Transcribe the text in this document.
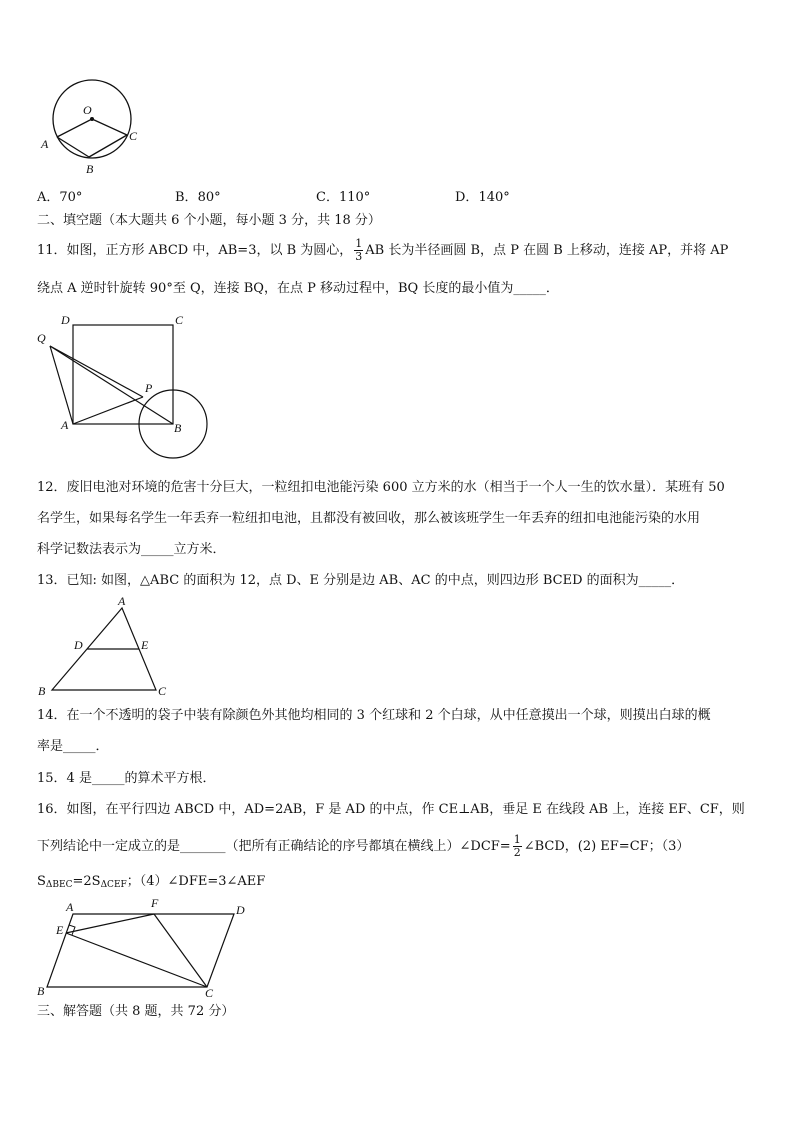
O
A
B
C
A．70°	B．80°	C．110°	D．140°
二、填空题（本大题共 6 个小题，每小题 3 分，共 18 分）
11．如图，正方形 ABCD 中，AB=3，以 B 为圆心， $\frac{1}{3}$ AB 长为半径画圆 B，点 P 在圆 B 上移动，连接 AP，并将 AP
绕点 A 逆时针旋转 90°至 Q，连接 BQ，在点 P 移动过程中，BQ 长度的最小值为_____．
D	C
Q
P
A	B
12．废旧电池对环境的危害十分巨大，一粒纽扣电池能污染 600 立方米的水（相当于一个人一生的饮水量）．某班有 50
名学生，如果每名学生一年丢弃一粒纽扣电池，且都没有被回收，那么被该班学生一年丢弃的纽扣电池能污染的水用
科学记数法表示为_____立方米．
13．已知: 如图，△ABC 的面积为 12，点 D、E 分别是边 AB、AC 的中点，则四边形 BCED 的面积为_____．
A
D	E
B	C
14．在一个不透明的袋子中装有除颜色外其他均相同的 3 个红球和 2 个白球，从中任意摸出一个球，则摸出白球的概
率是_____．
15．4 是_____的算术平方根．
16．如图，在平行四边 ABCD 中，AD=2AB，F 是 AD 的中点，作 CE⊥AB，垂足 E 在线段 AB 上，连接 EF、CF，则
下列结论中一定成立的是_______（把所有正确结论的序号都填在横线上）∠DCF= $\frac{1}{2}$ ∠BCD，(2) EF=CF；（3）
$S_{\Delta BEC}=2S_{\Delta CEF}$；（4）∠DFE=3∠AEF
A	F	D
E
B	C
三、解答题（共 8 题，共 72 分）
